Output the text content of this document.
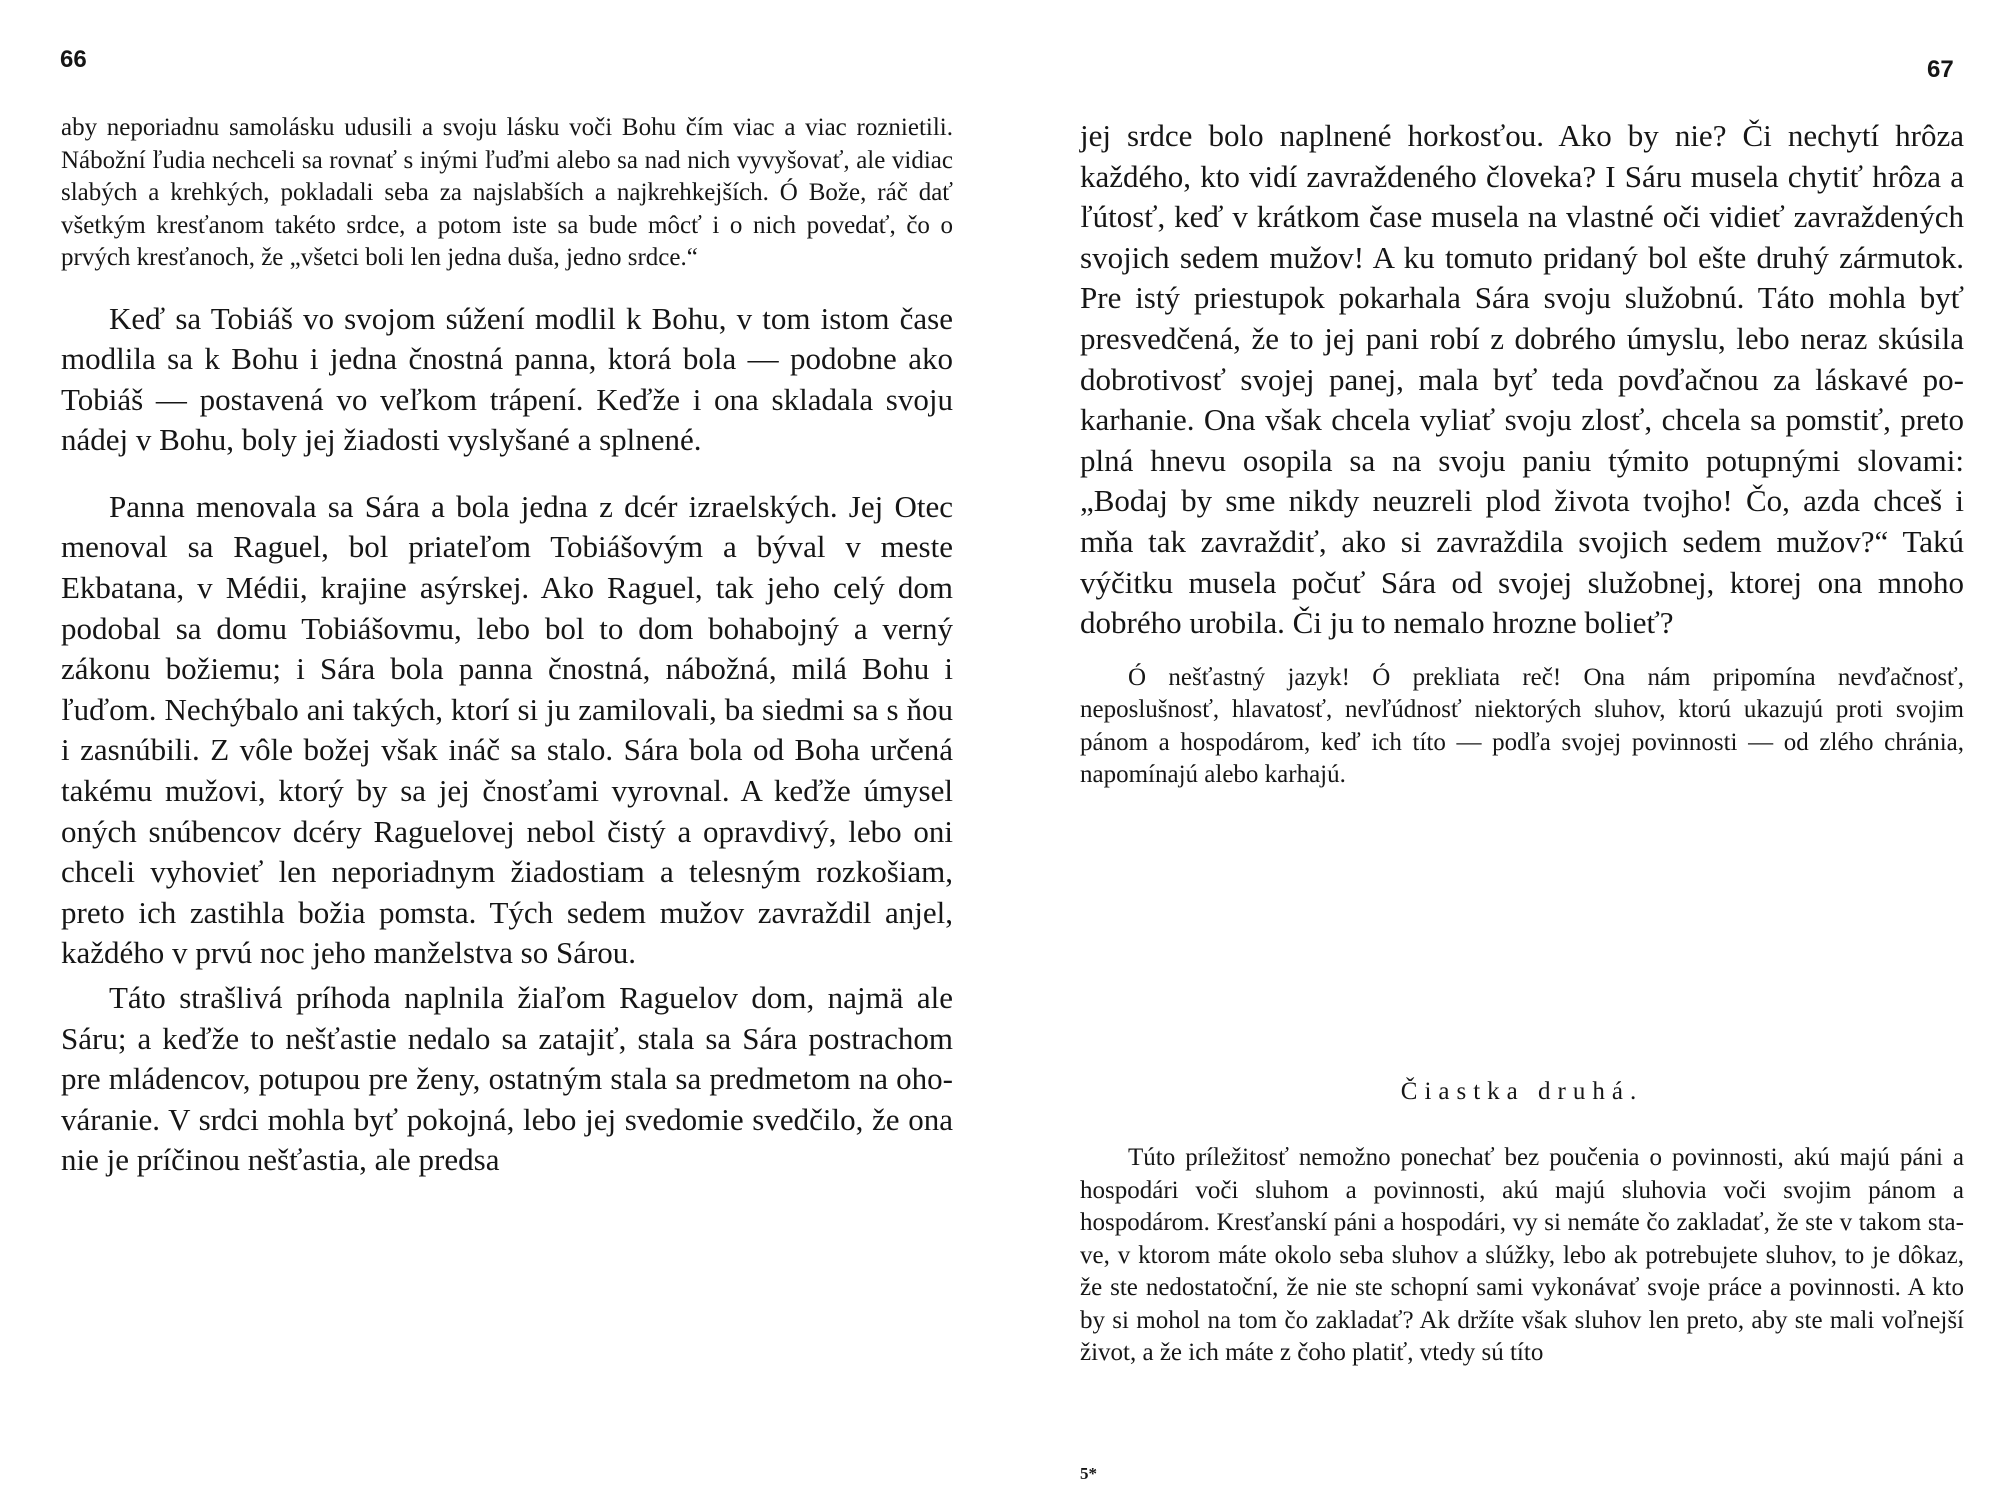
66

aby neporiadnu samolásku udusili a svoju lásku voči Bohu čím viac a viac roznietili. Nábožní ľudia nechceli sa rovnať s inými ľuďmi alebo sa nad nich vyvyšovať, ale vidiac slabých a krehkých, pokladali seba za najslabších a najkrehkejších. Ó Bože, ráč dať všetkým kresťanom takéto srdce, a potom iste sa bude môcť i o nich povedať, čo o prvých kresťanoch, že „všetci boli len jedna duša, jedno srdce.“

Keď sa Tobiáš vo svojom súžení modlil k Bohu, v tom istom čase modlila sa k Bohu i jedna čnostná panna, ktorá bola — podobne ako Tobiáš — postavená vo veľkom trápení. Keďže i ona skladala svoju nádej v Bohu, boly jej žiadosti vyslyšané a splnené.

Panna menovala sa Sára a bola jedna z dcér izraelských. Jej Otec menoval sa Raguel, bol priateľom Tobiášovým a býval v meste Ekbatana, v Médii, krajine asýrskej. Ako Raguel, tak jeho celý dom podobal sa domu Tobiášovmu, lebo bol to dom bohabojný a verný zákonu božiemu; i Sára bola panna čnostná, nábožná, milá Bohu i ľuďom. Nechýbalo ani takých, ktorí si ju zamilovali, ba siedmi sa s ňou i zasnúbili. Z vôle božej však ináč sa stalo. Sára bola od Boha určená takému mužovi, ktorý by sa jej čnosťami vyrovnal. A keďže úmysel oných snúbencov dcéry Raguelovej nebol čistý a opravdivý, lebo oni chceli vyhovieť len neporiadnym žiadostiam a telesným rozkošiam, preto ich zastihla božia pomsta. Tých sedem mužov zavraždil anjel, každého v prvú noc jeho manželstva so Sárou.

Táto strašlivá príhoda naplnila žiaľom Raguelov dom, najmä ale Sáru; a keďže to nešťastie nedalo sa zatajiť, stala sa Sára postrachom pre mládencov, potupou pre ženy, ostatným stala sa predmetom na ohováranie. V srdci mohla byť pokojná, lebo jej svedomie svedčilo, že ona nie je príčinou nešťastia, ale predsa

67

jej srdce bolo naplnené horkosťou. Ako by nie? Či nechytí hrôza každého, kto vidí zavraždeného človeka? I Sáru musela chytiť hrôza a ľútosť, keď v krátkom čase musela na vlastné oči vidieť zavraždených svojich sedem mužov! A ku tomuto pridaný bol ešte druhý zármutok. Pre istý priestupok pokarhala Sára svoju služobnú. Táto mohla byť presvedčená, že to jej pani robí z dobrého úmyslu, lebo neraz skúsila dobrotivosť svojej panej, mala byť teda povďačnou za láskavé pokarhanie. Ona však chcela vyliať svoju zlosť, chcela sa pomstiť, preto plná hnevu osopila sa na svoju paniu týmito potupnými slovami: „Bodaj by sme nikdy neuzreli plod života tvojho! Čo, azda chceš i mňa tak zavraždiť, ako si zavraždila svojich sedem mužov?“ Takú výčitku musela počuť Sára od svojej služobnej, ktorej ona mnoho dobrého urobila. Či ju to nemalo hrozne bolieť?

Ó nešťastný jazyk! Ó prekliata reč! Ona nám pripomína nevďačnosť, neposlušnosť, hlavatosť, nevľúdnosť niektorých sluhov, ktorú ukazujú proti svojim pánom a hospodárom, keď ich títo — podľa svojej povinnosti — od zlého chránia, napomínajú alebo karhajú.

Čiastka druhá.

Túto príležitosť nemožno ponechať bez poučenia o povinnosti, akú majú páni a hospodári voči sluhom a povinnosti, akú majú sluhovia voči svojim pánom a hospodárom. Kresťanskí páni a hospodári, vy si nemáte čo zakladať, že ste v takom stave, v ktorom máte okolo seba sluhov a slúžky, lebo ak potrebujete sluhov, to je dôkaz, že ste nedostatoční, že nie ste schopní sami vykonávať svoje práce a povinnosti. A kto by si mohol na tom čo zakladať? Ak držíte však sluhov len preto, aby ste mali voľnejší život, a že ich máte z čoho platiť, vtedy sú títo

5*
